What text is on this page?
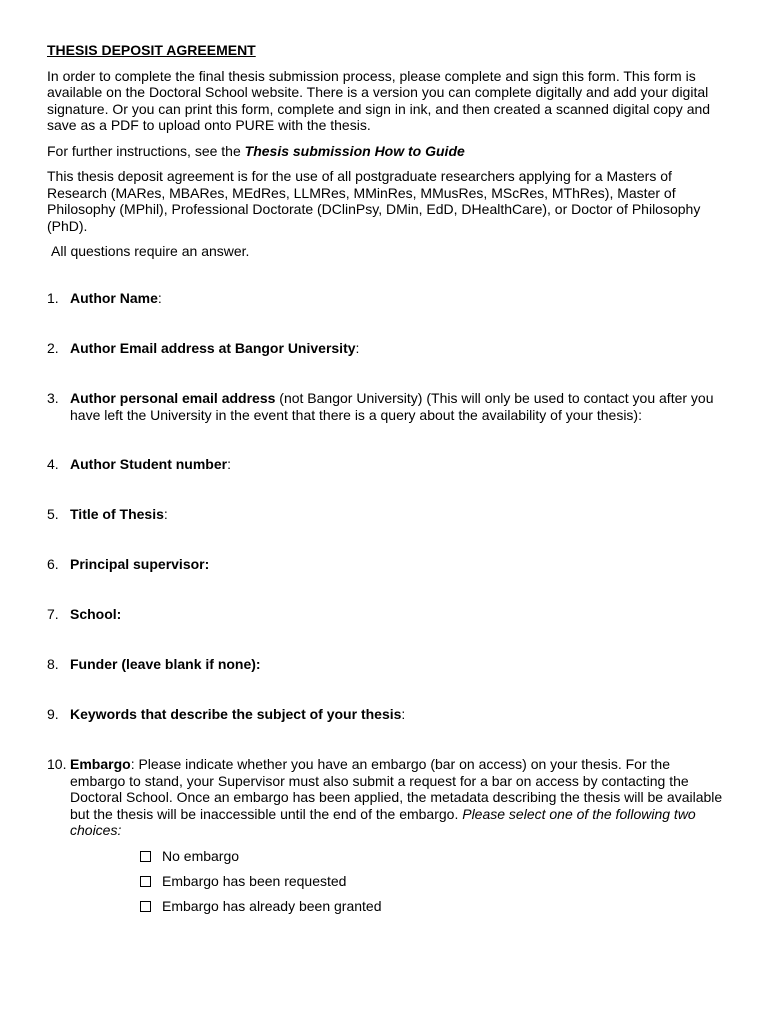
THESIS DEPOSIT AGREEMENT

In order to complete the final thesis submission process, please complete and sign this form. This form is available on the Doctoral School website. There is a version you can complete digitally and add your digital signature. Or you can print this form, complete and sign in ink, and then created a scanned digital copy and save as a PDF to upload onto PURE with the thesis.

For further instructions, see the Thesis submission How to Guide

This thesis deposit agreement is for the use of all postgraduate researchers applying for a Masters of Research (MARes, MBARes, MEdRes, LLMRes, MMinRes, MMusRes, MScRes, MThRes), Master of Philosophy (MPhil), Professional Doctorate (DClinPsy, DMin, EdD, DHealthCare), or Doctor of Philosophy (PhD).

All questions require an answer.

1. Author Name:
2. Author Email address at Bangor University:
3. Author personal email address (not Bangor University) (This will only be used to contact you after you have left the University in the event that there is a query about the availability of your thesis):
4. Author Student number:
5. Title of Thesis:
6. Principal supervisor:
7. School:
8. Funder (leave blank if none):
9. Keywords that describe the subject of your thesis:
10. Embargo: Please indicate whether you have an embargo (bar on access) on your thesis. For the embargo to stand, your Supervisor must also submit a request for a bar on access by contacting the Doctoral School. Once an embargo has been applied, the metadata describing the thesis will be available but the thesis will be inaccessible until the end of the embargo. Please select one of the following two choices:
No embargo
Embargo has been requested
Embargo has already been granted
